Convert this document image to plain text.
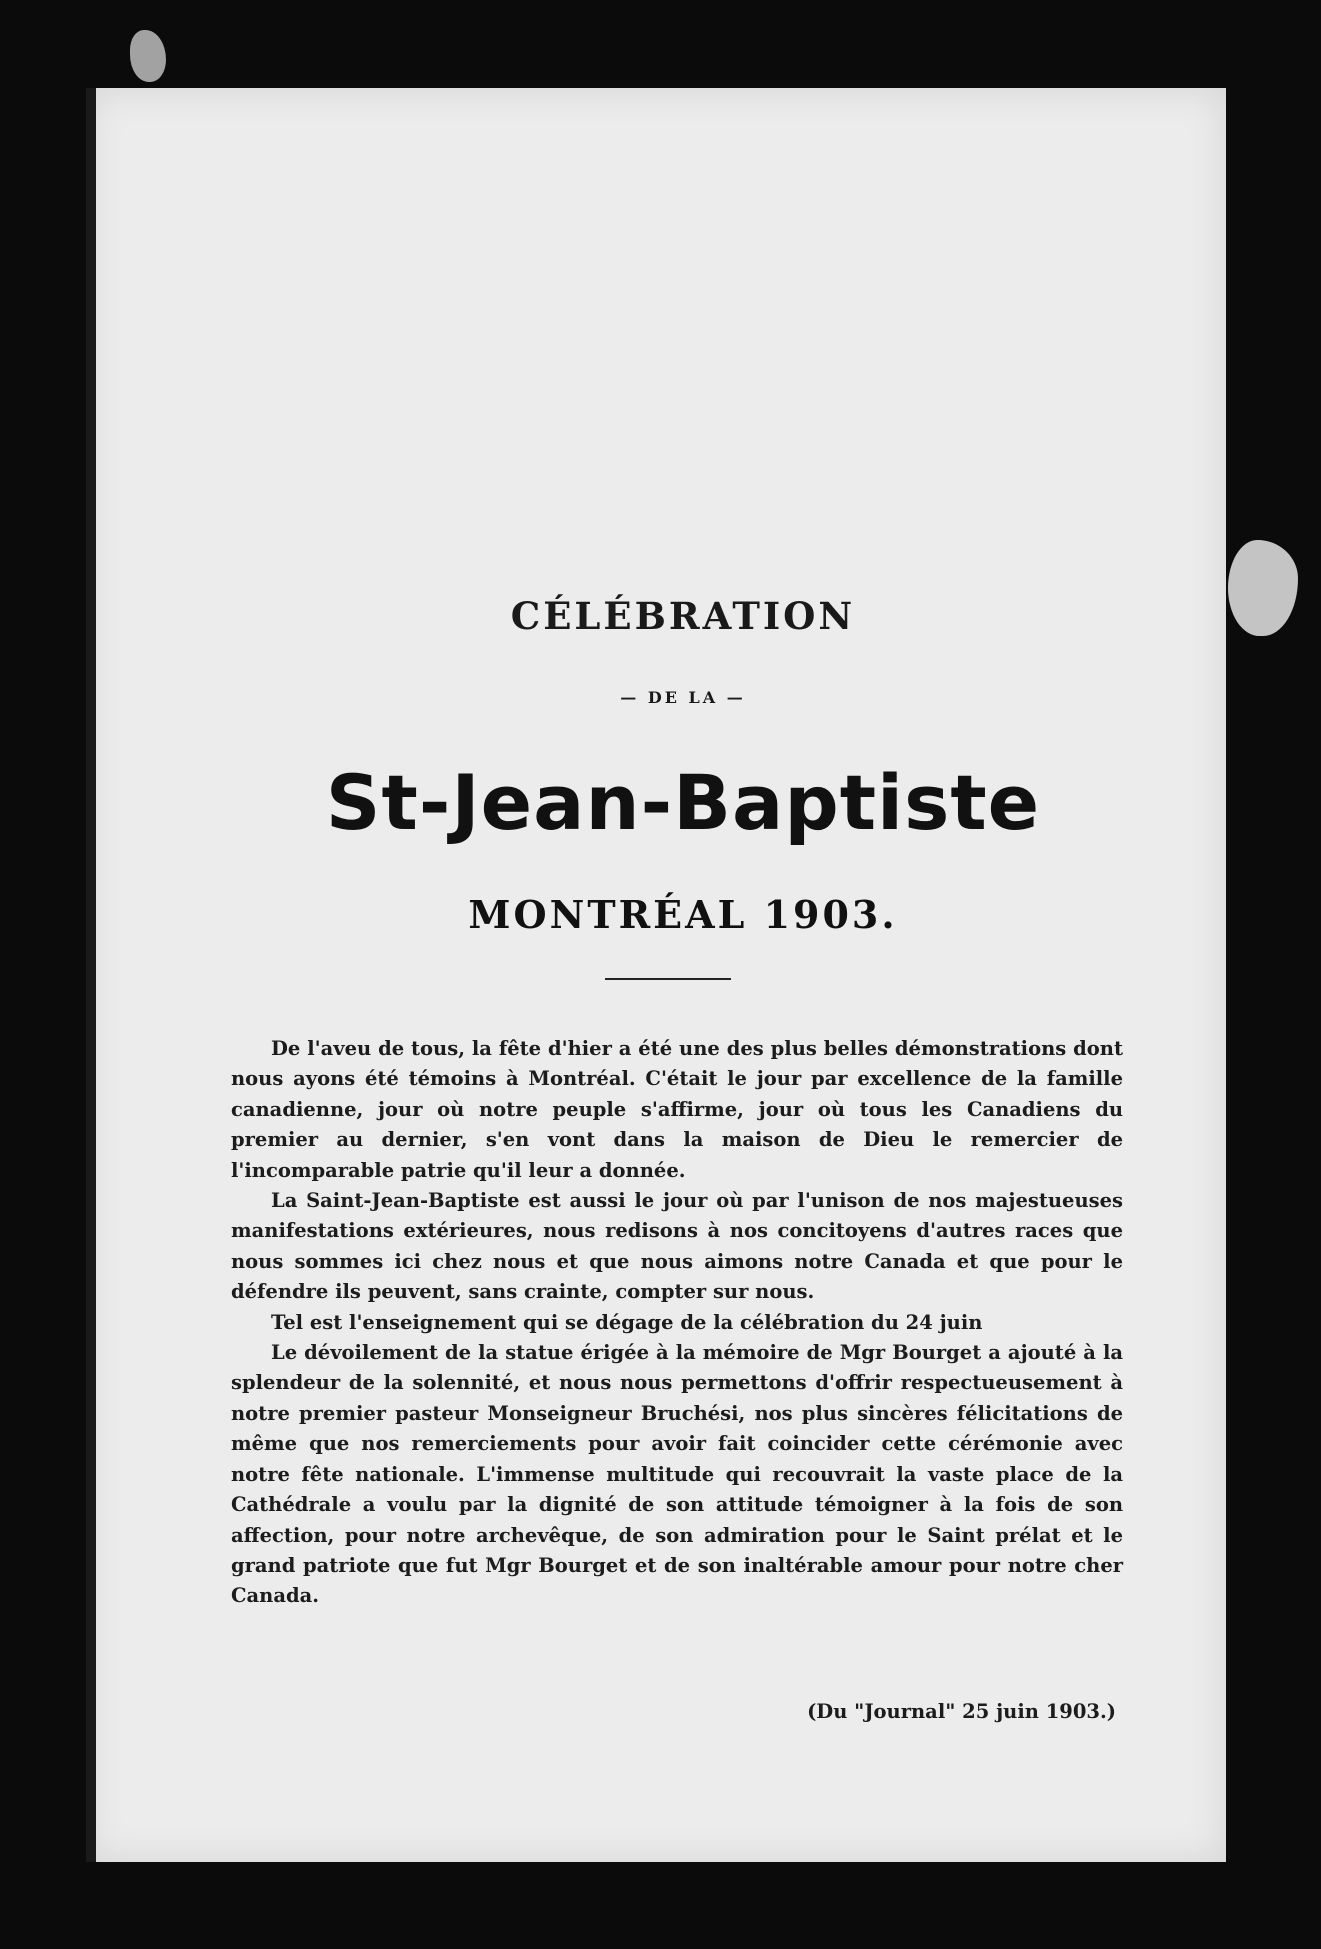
CÉLÉBRATION
— DE LA —
St-Jean-Baptiste
MONTRÉAL 1903.

De l'aveu de tous, la fête d'hier a été une des plus belles démonstrations dont nous ayons été témoins à Montréal. C'était le jour par excellence de la famille canadienne, jour où notre peuple s'affirme, jour où tous les Canadiens du premier au dernier, s'en vont dans la maison de Dieu le remercier de l'incomparable patrie qu'il leur a donnée.

La Saint-Jean-Baptiste est aussi le jour où par l'unison de nos majestueuses manifestations extérieures, nous redisons à nos concitoyens d'autres races que nous sommes ici chez nous et que nous aimons notre Canada et que pour le défendre ils peuvent, sans crainte, compter sur nous.

Tel est l'enseignement qui se dégage de la célébration du 24 juin

Le dévoilement de la statue érigée à la mémoire de Mgr Bourget a ajouté à la splendeur de la solennité, et nous nous permettons d'offrir respectueusement à notre premier pasteur Monseigneur Bruchési, nos plus sincères félicitations de même que nos remerciements pour avoir fait coincider cette cérémonie avec notre fête nationale. L'immense multitude qui recouvrait la vaste place de la Cathédrale a voulu par la dignité de son attitude témoigner à la fois de son affection, pour notre archevêque, de son admiration pour le Saint prélat et le grand patriote que fut Mgr Bourget et de son inaltérable amour pour notre cher Canada.

(Du "Journal" 25 juin 1903.)
